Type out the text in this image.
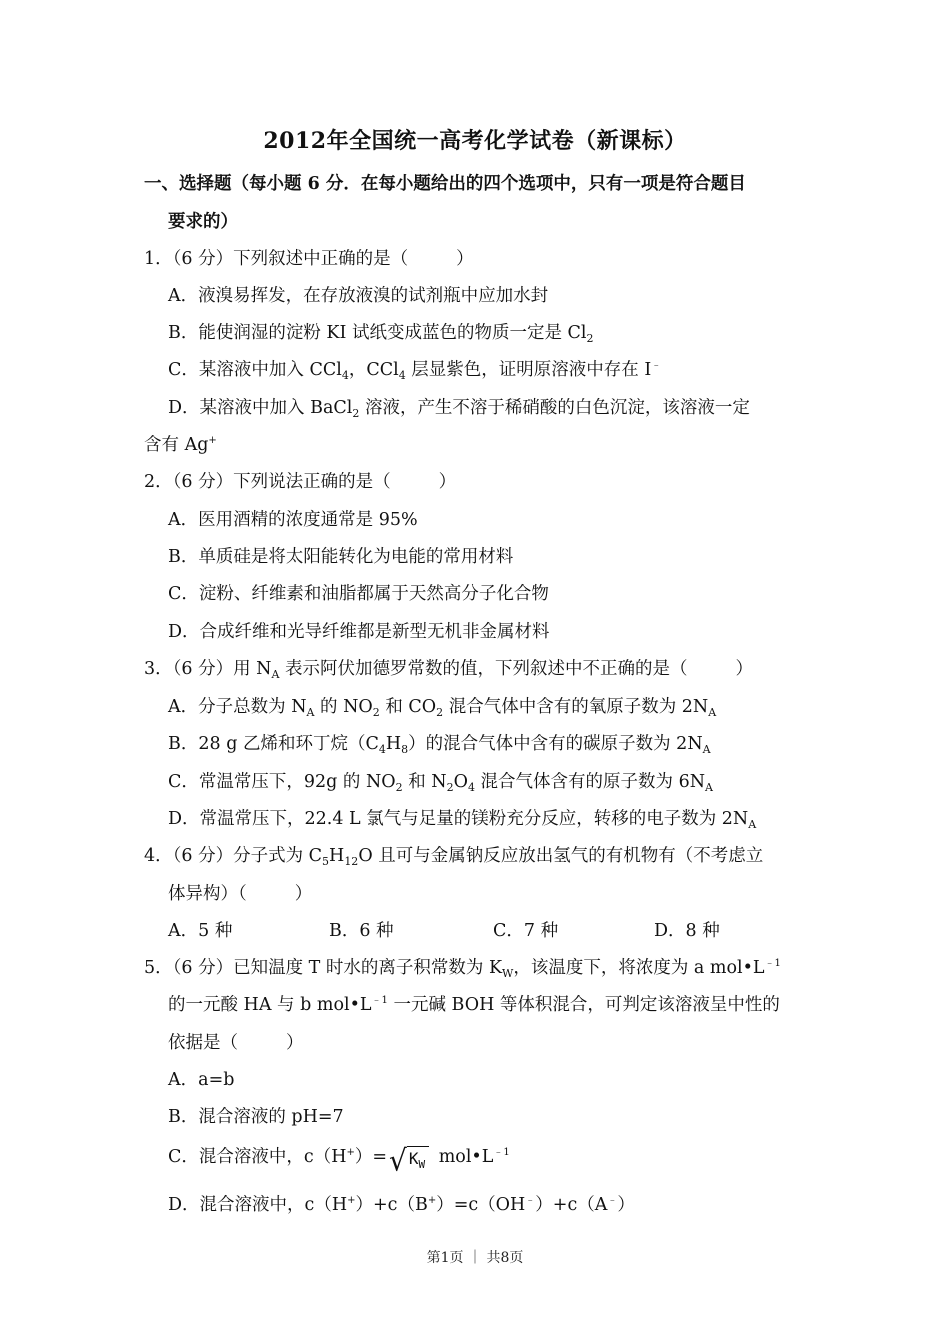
2012年全国统一高考化学试卷（新课标）
一、选择题（每小题 6 分．在每小题给出的四个选项中，只有一项是符合题目
要求的）
1．（6 分）下列叙述中正确的是（	）
A．液溴易挥发，在存放液溴的试剂瓶中应加水封
B．能使润湿的淀粉 KI 试纸变成蓝色的物质一定是 $Cl_2$
C．某溶液中加入 CCl$_4$，CCl$_4$ 层显紫色，证明原溶液中存在 I﹣
D．某溶液中加入 BaCl$_2$ 溶液，产生不溶于稀硝酸的白色沉淀，该溶液一定
含有 Ag+
2．（6 分）下列说法正确的是（	）
A．医用酒精的浓度通常是 95%
B．单质硅是将太阳能转化为电能的常用材料
C．淀粉、纤维素和油脂都属于天然高分子化合物
D．合成纤维和光导纤维都是新型无机非金属材料
3．（6 分）用 $N_A$ 表示阿伏加德罗常数的值，下列叙述中不正确的是（	）
A．分子总数为 $N_A$ 的 $NO_2$ 和 $CO_2$ 混合气体中含有的氧原子数为 $2N_A$
B．28 g 乙烯和环丁烷$(C_4H_8)$的混合气体中含有的碳原子数为 $2N_A$
C．常温常压下，92g 的 $NO_2$ 和 $N_2O_4$ 混合气体含有的原子数为 $6N_A$
D．常温常压下，22.4 L 氯气与足量的镁粉充分反应，转移的电子数为 $2N_A$
4．（6 分）分子式为 $C_5H_{12}O$ 且可与金属钠反应放出氢气的有机物有（不考虑立
体异构）（	）
A．5 种	B．6 种	C．7 种	D．8 种
5．（6 分）已知温度 T 时水的离子积常数为 $K_W$，该温度下，将浓度为 a $mol•L^{﹣1}$
的一元酸 HA 与 b $mol•L^{﹣1}$ 一元碱 BOH 等体积混合，可判定该溶液呈中性的
依据是（	）
A．a=b
B．混合溶液的 pH=7
C．混合溶液中，c（H+）=√ $K_W$ $mol•L^{﹣1}$
D．混合溶液中，c（H+）+c（B+）=c（OH﹣）+c（A﹣）
第1页 ｜ 共8页
